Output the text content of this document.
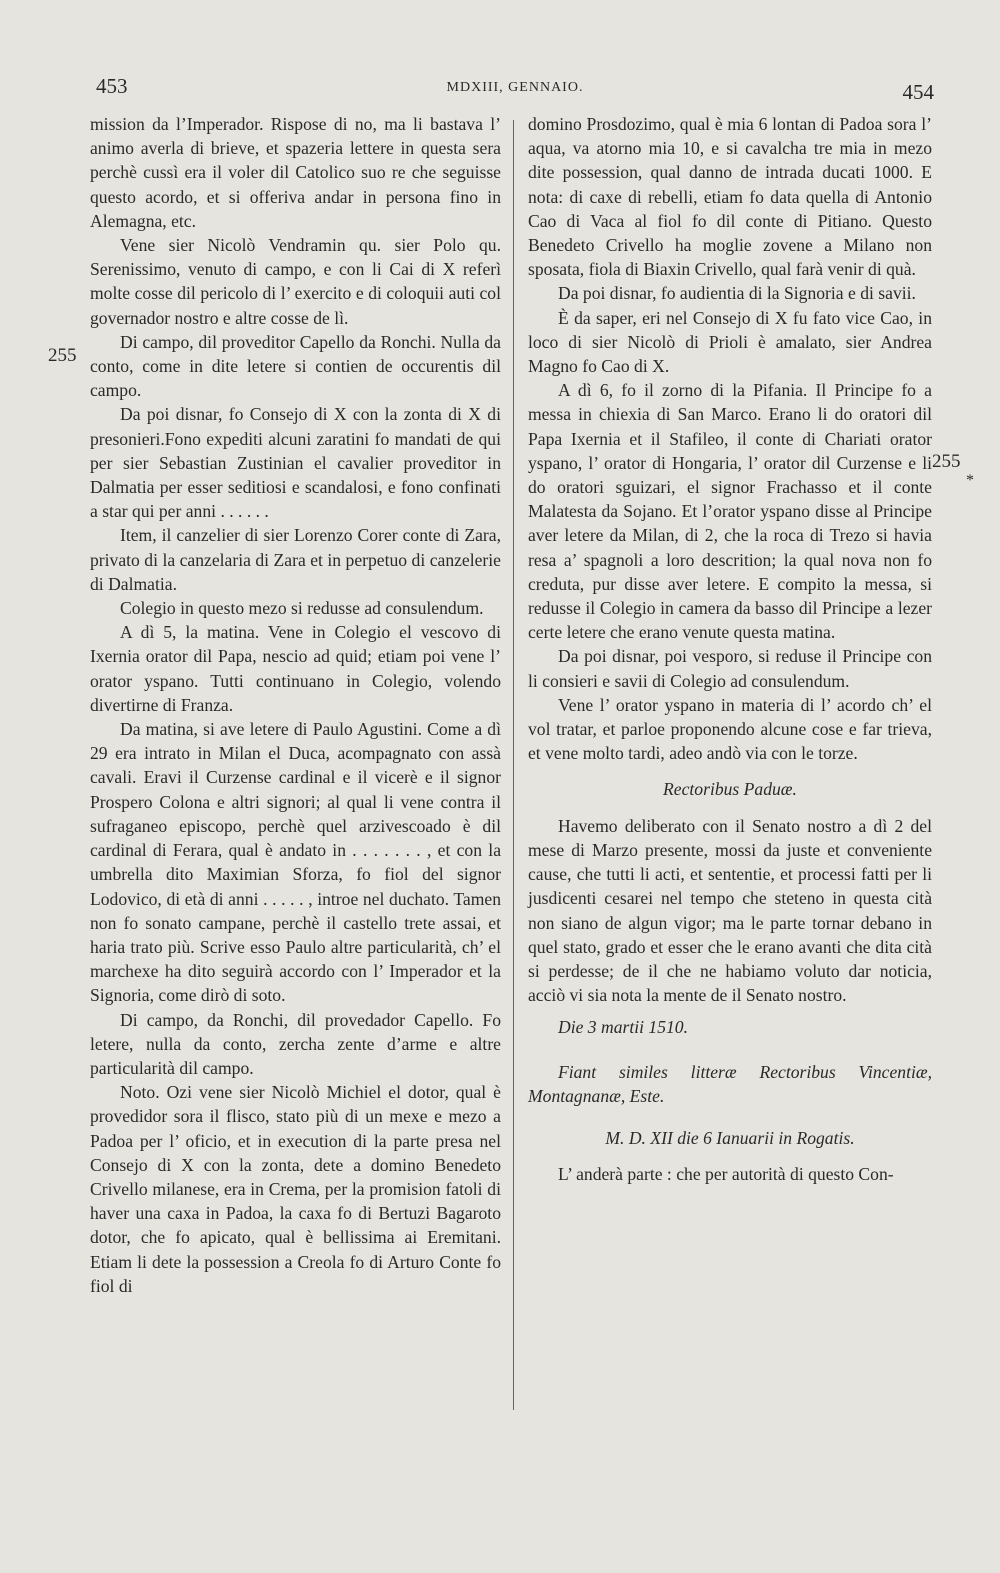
453	MDXIII, GENNAIO.	454
255
255
*

mission da l’Imperador. Rispose di no, ma li bastava l’ animo averla di brieve, et spazeria lettere in questa sera perchè cussì era il voler dil Catolico suo re che seguisse questo acordo, et si offeriva andar in persona fino in Alemagna, etc.

Vene sier Nicolò Vendramin qu. sier Polo qu. Serenissimo, venuto di campo, e con li Cai di X referì molte cosse dil pericolo di l’ exercito e di coloquii auti col governador nostro e altre cosse de lì.

Di campo, dil proveditor Capello da Ronchi. Nulla da conto, come in dite letere si contien de occurentis dil campo.

Da poi disnar, fo Consejo di X con la zonta di X di presonieri.Fono expediti alcuni zaratini fo mandati de qui per sier Sebastian Zustinian el cavalier proveditor in Dalmatia per esser seditiosi e scandalosi, e fono confinati a star qui per anni . . . . . .

Item, il canzelier di sier Lorenzo Corer conte di Zara, privato di la canzelaria di Zara et in perpetuo di canzelerie di Dalmatia.

Colegio in questo mezo si redusse ad consulendum.

A dì 5, la matina. Vene in Colegio el vescovo di Ixernia orator dil Papa, nescio ad quid; etiam poi vene l’ orator yspano. Tutti continuano in Colegio, volendo divertirne di Franza.

Da matina, si ave letere di Paulo Agustini. Come a dì 29 era intrato in Milan el Duca, acompagnato con assà cavali. Eravi il Curzense cardinal e il vicerè e il signor Prospero Colona e altri signori; al qual li vene contra il sufraganeo episcopo, perchè quel arzivescoado è dil cardinal di Ferara, qual è andato in . . . . . . . , et con la umbrella dito Maximian Sforza, fo fiol del signor Lodovico, di età di anni . . . . . , introe nel duchato. Tamen non fo sonato campane, perchè il castello trete assai, et haria trato più. Scrive esso Paulo altre particularità, ch’ el marchexe ha dito seguirà accordo con l’ Imperador et la Signoria, come dirò di soto.

Di campo, da Ronchi, dil provedador Capello. Fo letere, nulla da conto, zercha zente d’arme e altre particularità dil campo.

Noto. Ozi vene sier Nicolò Michiel el dotor, qual è provedidor sora il flisco, stato più di un mexe e mezo a Padoa per l’ oficio, et in execution di la parte presa nel Consejo di X con la zonta, dete a domino Benedeto Crivello milanese, era in Crema, per la promision fatoli di haver una caxa in Padoa, la caxa fo di Bertuzi Bagaroto dotor, che fo apicato, qual è bellissima ai Eremitani. Etiam li dete la possession a Creola fo di Arturo Conte fo fiol di

domino Prosdozimo, qual è mia 6 lontan di Padoa sora l’ aqua, va atorno mia 10, e si cavalcha tre mia in mezo dite possession, qual danno de intrada ducati 1000. E nota: di caxe di rebelli, etiam fo data quella di Antonio Cao di Vaca al fiol fo dil conte di Pitiano. Questo Benedeto Crivello ha moglie zovene a Milano non sposata, fiola di Biaxin Crivello, qual farà venir di quà.

Da poi disnar, fo audientia di la Signoria e di savii.

È da saper, eri nel Consejo di X fu fato vice Cao, in loco di sier Nicolò di Prioli è amalato, sier Andrea Magno fo Cao di X.

A dì 6, fo il zorno di la Pifania. Il Principe fo a messa in chiexia di San Marco. Erano li do oratori dil Papa Ixernia et il Stafileo, il conte di Chariati orator yspano, l’ orator di Hongaria, l’ orator dil Curzense e li do oratori sguizari, el signor Frachasso et il conte Malatesta da Sojano. Et l’orator yspano disse al Principe aver letere da Milan, di 2, che la roca di Trezo si havia resa a’ spagnoli a loro descrition; la qual nova non fo creduta, pur disse aver letere. E compito la messa, si redusse il Colegio in camera da basso dil Principe a lezer certe letere che erano venute questa matina.

Da poi disnar, poi vesporo, si reduse il Principe con li consieri e savii di Colegio ad consulendum.

Vene l’ orator yspano in materia di l’ acordo ch’ el vol tratar, et parloe proponendo alcune cose e far trieva, et vene molto tardi, adeo andò via con le torze.

Rectoribus Paduæ.

Havemo deliberato con il Senato nostro a dì 2 del mese di Marzo presente, mossi da juste et conveniente cause, che tutti li acti, et sententie, et processi fatti per li jusdicenti cesarei nel tempo che steteno in questa cità non siano de algun vigor; ma le parte tornar debano in quel stato, grado et esser che le erano avanti che dita cità si perdesse; de il che ne habiamo voluto dar noticia, acciò vi sia nota la mente de il Senato nostro.

Die 3 martii 1510.

Fiant similes litteræ Rectoribus Vincentiæ, Montagnanæ, Este.

M. D. XII die 6 Ianuarii in Rogatis.

L’ anderà parte : che per autorità di questo Con-
